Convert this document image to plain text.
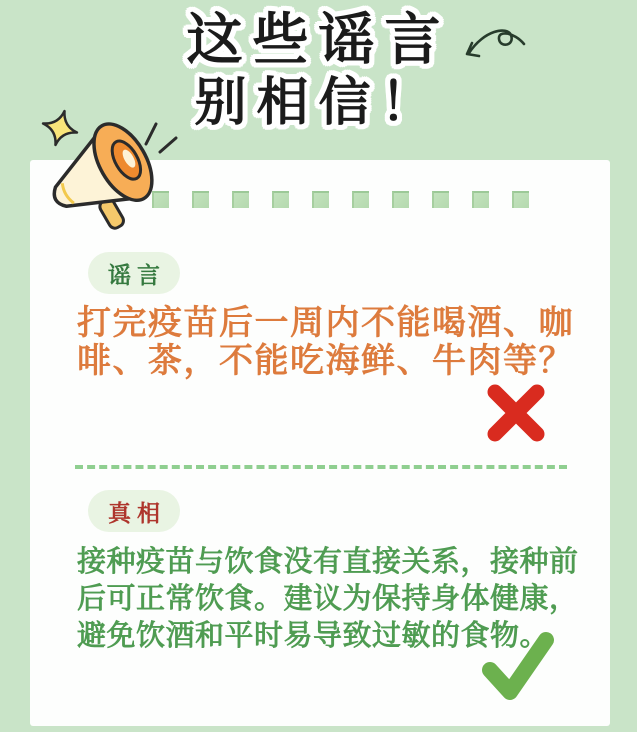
这些谣言
别相信！
谣言

打完疫苗后一周内不能喝酒、咖啡、茶，不能吃海鲜、牛肉等？

真相

接种疫苗与饮食没有直接关系，接种前后可正常饮食。建议为保持身体健康，避免饮酒和平时易导致过敏的食物。
